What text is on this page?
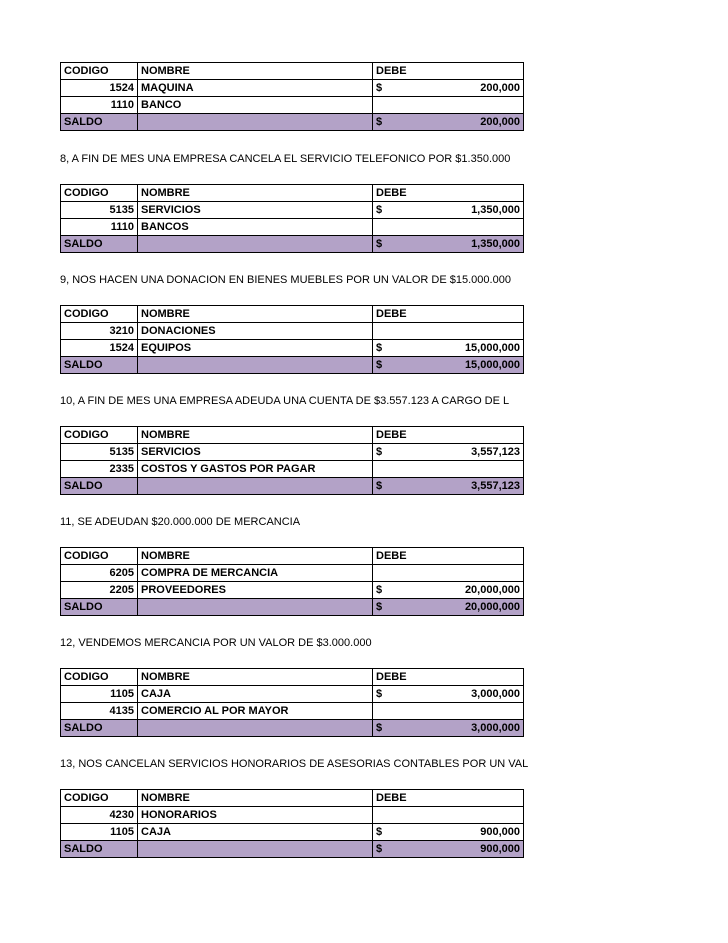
CODIGO	NOMBRE	DEBE	
1524	MAQUINA	$	200,000
1110	BANCO		
SALDO		$	200,000
8, A FIN DE MES UNA EMPRESA CANCELA EL SERVICIO TELEFONICO POR $1.350.000
CODIGO	NOMBRE	DEBE	
5135	SERVICIOS	$	1,350,000
1110	BANCOS		
SALDO		$	1,350,000
9, NOS HACEN UNA DONACION EN BIENES MUEBLES POR UN VALOR DE $15.000.000
CODIGO	NOMBRE	DEBE	
3210	DONACIONES		
1524	EQUIPOS	$	15,000,000
SALDO		$	15,000,000
10, A FIN DE MES UNA EMPRESA ADEUDA UNA CUENTA DE $3.557.123 A CARGO DE L
CODIGO	NOMBRE	DEBE	
5135	SERVICIOS	$	3,557,123
2335	COSTOS Y GASTOS POR PAGAR		
SALDO		$	3,557,123
11, SE ADEUDAN $20.000.000 DE MERCANCIA
CODIGO	NOMBRE	DEBE	
6205	COMPRA DE MERCANCIA		
2205	PROVEEDORES	$	20,000,000
SALDO		$	20,000,000
12, VENDEMOS MERCANCIA POR UN VALOR DE $3.000.000
CODIGO	NOMBRE	DEBE	
1105	CAJA	$	3,000,000
4135	COMERCIO AL POR MAYOR		
SALDO		$	3,000,000
13, NOS CANCELAN SERVICIOS HONORARIOS DE ASESORIAS CONTABLES POR UN VAL
CODIGO	NOMBRE	DEBE	
4230	HONORARIOS		
1105	CAJA	$	900,000
SALDO		$	900,000
